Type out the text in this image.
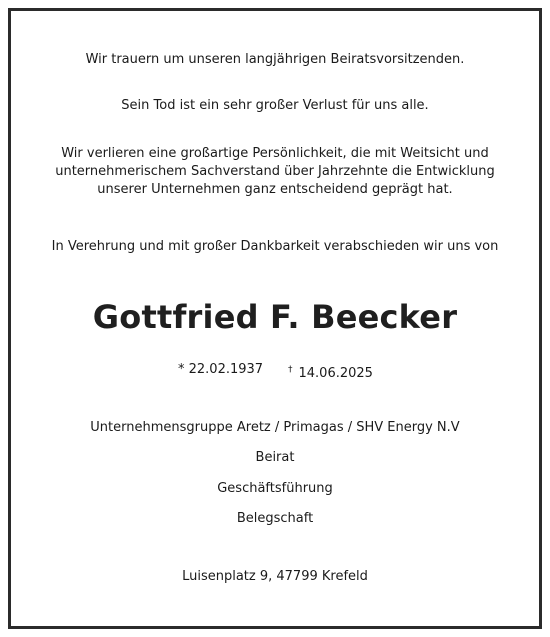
Wir trauern um unseren langjährigen Beiratsvorsitzenden.
Sein Tod ist ein sehr großer Verlust für uns alle.
Wir verlieren eine großartige Persönlichkeit, die mit Weitsicht und
unternehmerischem Sachverstand über Jahrzehnte die Entwicklung
unserer Unternehmen ganz entscheidend geprägt hat.
In Verehrung und mit großer Dankbarkeit verabschieden wir uns von
Gottfried F. Beecker
* 22.02.1937	† 14.06.2025
Unternehmensgruppe Aretz / Primagas / SHV Energy N.V
Beirat
Geschäftsführung
Belegschaft
Luisenplatz 9, 47799 Krefeld
